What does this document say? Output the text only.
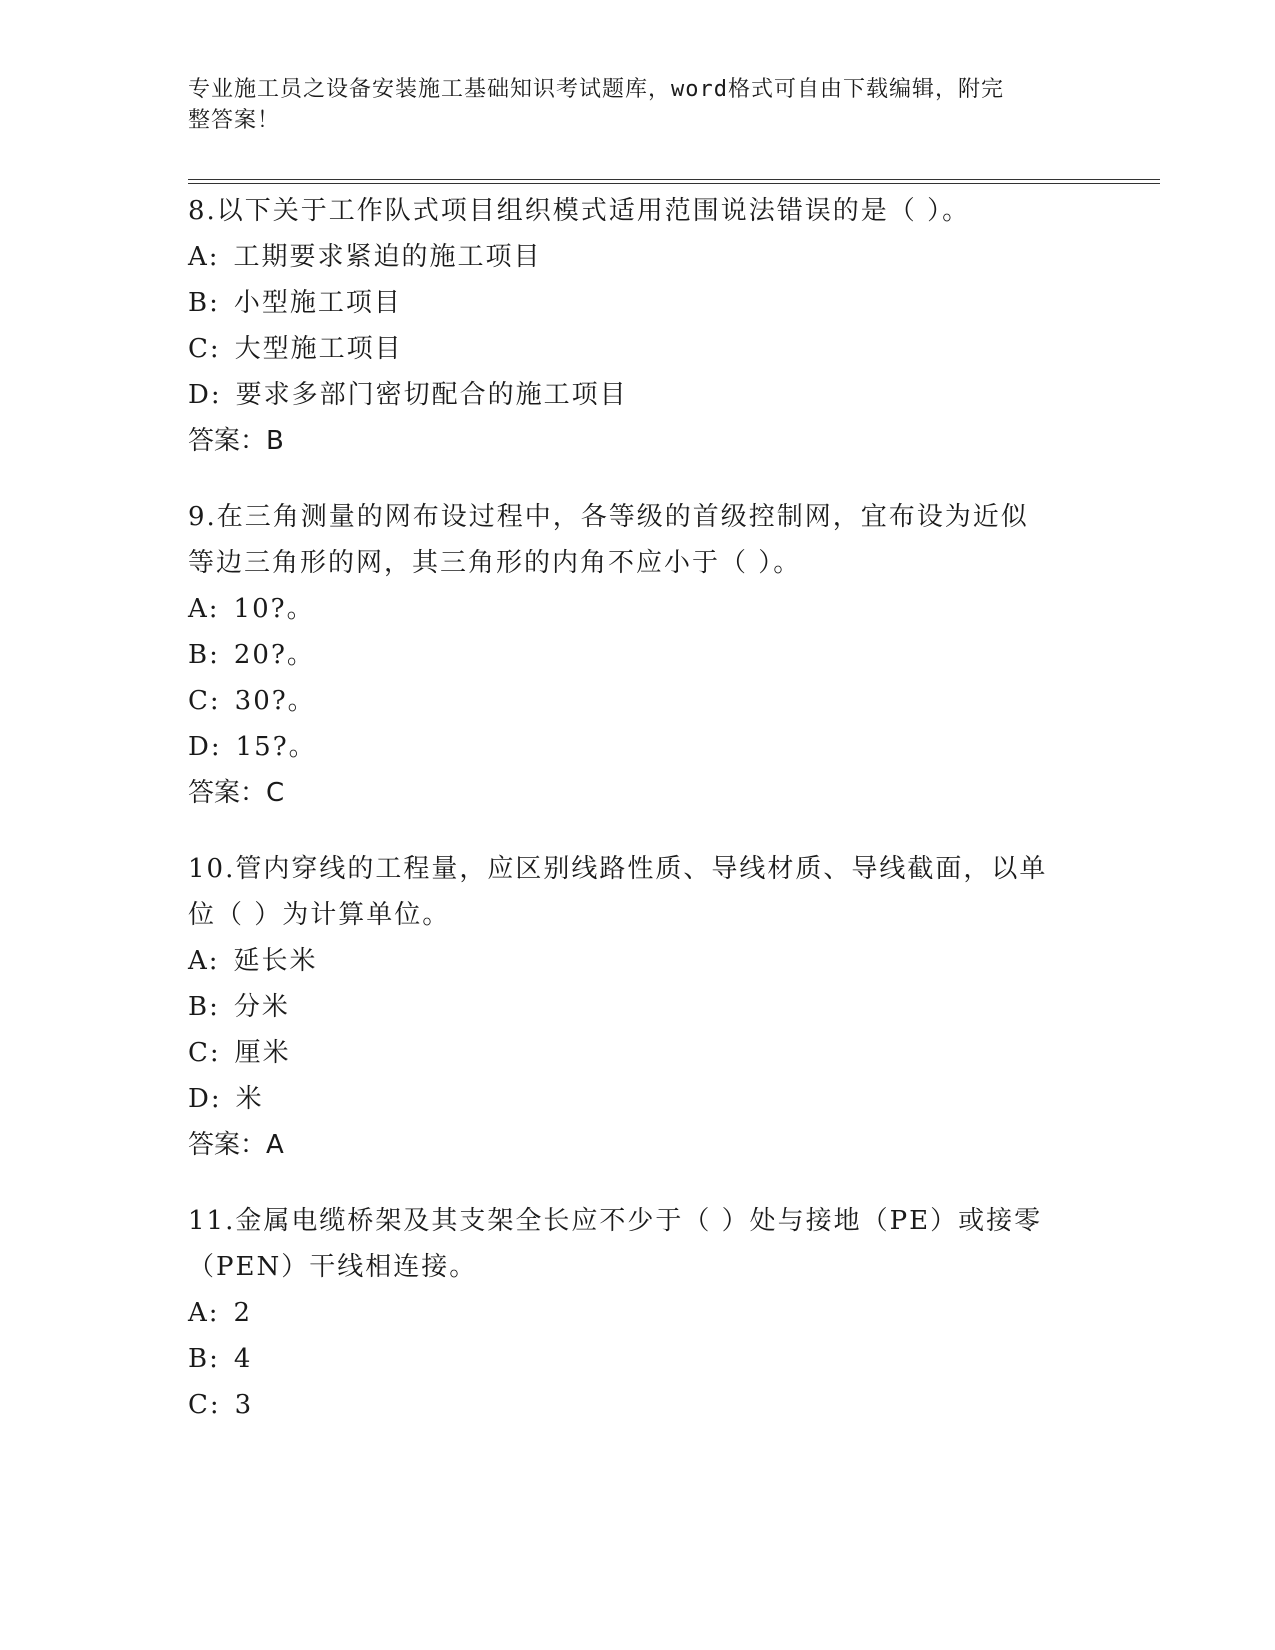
专业施工员之设备安装施工基础知识考试题库，word格式可自由下载编辑，附完
整答案！
8.以下关于工作队式项目组织模式适用范围说法错误的是（ ）。
A: 工期要求紧迫的施工项目
B: 小型施工项目
C: 大型施工项目
D: 要求多部门密切配合的施工项目
答案：B
9.在三角测量的网布设过程中，各等级的首级控制网，宜布设为近似
等边三角形的网，其三角形的内角不应小于（ ）。
A: 10?。
B: 20?。
C: 30?。
D: 15?。
答案：C
10.管内穿线的工程量，应区别线路性质、导线材质、导线截面，以单
位（ ）为计算单位。
A: 延长米
B: 分米
C: 厘米
D: 米
答案：A
11.金属电缆桥架及其支架全长应不少于（ ）处与接地（PE）或接零
（PEN）干线相连接。
A: 2
B: 4
C: 3
